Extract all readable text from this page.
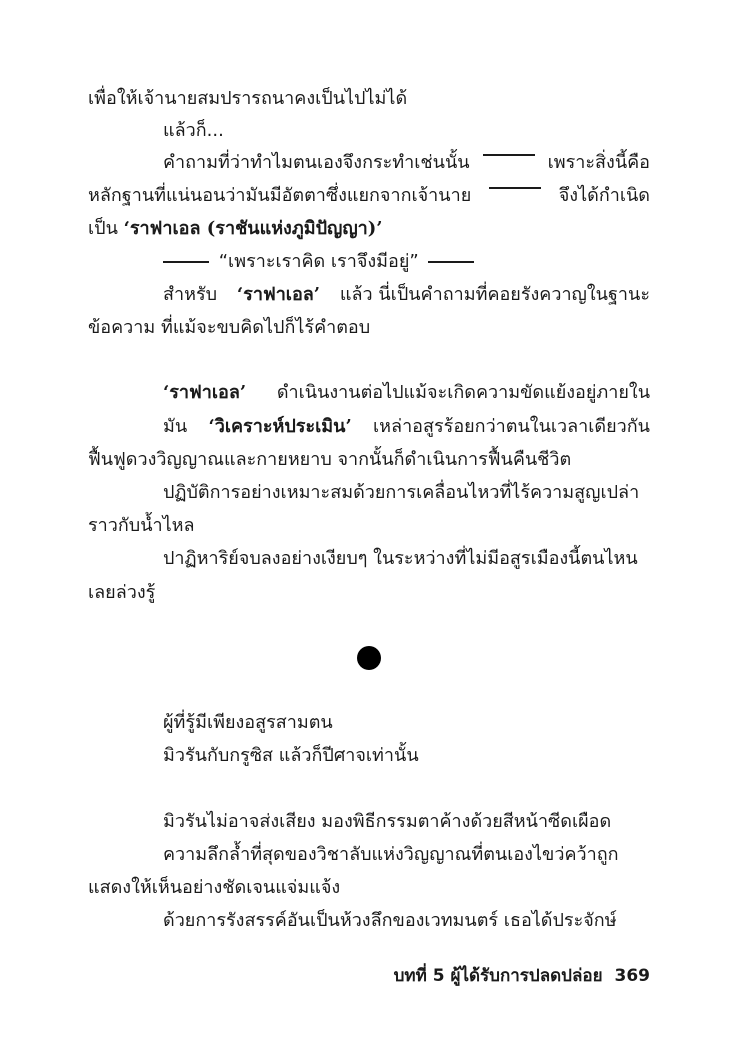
เพื่อให้เจ้านายสมปรารถนาคงเป็นไปไม่ได้
แล้วก็...
คำถามที่ว่าทำไมตนเองจึงกระทำเช่นนั้น	เพราะสิ่งนี้คือ
หลักฐานที่แน่นอนว่ามันมีอัตตาซึ่งแยกจากเจ้านาย	จึงได้กำเนิด
เป็น ‘ราฟาเอล (ราชันแห่งภูมิปัญญา)’
“เพราะเราคิด เราจึงมีอยู่”
สำหรับ ‘ราฟาเอล’ แล้ว นี่เป็นคำถามที่คอยรังควาญในฐานะ
ข้อความ ที่แม้จะขบคิดไปก็ไร้คำตอบ
‘ราฟาเอล’ ดำเนินงานต่อไปแม้จะเกิดความขัดแย้งอยู่ภายใน
มัน ‘วิเคราะห์ประเมิน’ เหล่าอสูรร้อยกว่าตนในเวลาเดียวกัน
ฟื้นฟูดวงวิญญาณและกายหยาบ จากนั้นก็ดำเนินการฟื้นคืนชีวิต
ปฏิบัติการอย่างเหมาะสมด้วยการเคลื่อนไหวที่ไร้ความสูญเปล่า
ราวกับน้ำไหล
ปาฏิหาริย์จบลงอย่างเงียบๆ ในระหว่างที่ไม่มีอสูรเมืองนี้ตนไหน
เลยล่วงรู้
ผู้ที่รู้มีเพียงอสูรสามตน
มิวรันกับกรูซิส แล้วก็ปีศาจเท่านั้น
มิวรันไม่อาจส่งเสียง มองพิธีกรรมตาค้างด้วยสีหน้าซีดเผือด
ความลึกล้ำที่สุดของวิชาลับแห่งวิญญาณที่ตนเองไขว่คว้าถูก
แสดงให้เห็นอย่างชัดเจนแจ่มแจ้ง
ด้วยการรังสรรค์อันเป็นห้วงลึกของเวทมนตร์ เธอได้ประจักษ์
บทที่ 5 ผู้ได้รับการปลดปล่อย 369
